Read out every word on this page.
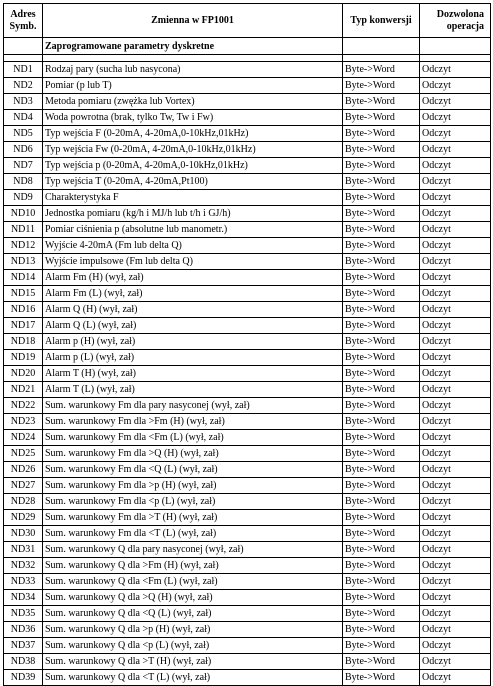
Adres Symb.	Zmienna w FP1001	Typ konwersji	Dozwolona operacja
	Zaprogramowane parametry dyskretne		

ND1	Rodzaj pary (sucha lub nasycona)	Byte->Word	Odczyt
ND2	Pomiar (p lub T)	Byte->Word	Odczyt
ND3	Metoda pomiaru (zwężka lub Vortex)	Byte->Word	Odczyt
ND4	Woda powrotna (brak, tylko Tw, Tw i Fw)	Byte->Word	Odczyt
ND5	Typ wejścia F (0-20mA, 4-20mA,0-10kHz,01kHz)	Byte->Word	Odczyt
ND6	Typ wejścia Fw (0-20mA, 4-20mA,0-10kHz,01kHz)	Byte->Word	Odczyt
ND7	Typ wejścia p (0-20mA, 4-20mA,0-10kHz,01kHz)	Byte->Word	Odczyt
ND8	Typ wejścia T (0-20mA, 4-20mA,Pt100)	Byte->Word	Odczyt
ND9	Charakterystyka F	Byte->Word	Odczyt
ND10	Jednostka pomiaru (kg/h i MJ/h lub t/h i GJ/h)	Byte->Word	Odczyt
ND11	Pomiar ciśnienia p (absolutne lub manometr.)	Byte->Word	Odczyt
ND12	Wyjście 4-20mA (Fm lub delta Q)	Byte->Word	Odczyt
ND13	Wyjście impulsowe (Fm lub delta Q)	Byte->Word	Odczyt
ND14	Alarm Fm (H) (wył, zał)	Byte->Word	Odczyt
ND15	Alarm Fm (L) (wył, zał)	Byte->Word	Odczyt
ND16	Alarm Q (H) (wył, zał)	Byte->Word	Odczyt
ND17	Alarm Q (L) (wył, zał)	Byte->Word	Odczyt
ND18	Alarm p (H) (wył, zał)	Byte->Word	Odczyt
ND19	Alarm p (L) (wył, zał)	Byte->Word	Odczyt
ND20	Alarm T (H) (wył, zał)	Byte->Word	Odczyt
ND21	Alarm T (L) (wył, zał)	Byte->Word	Odczyt
ND22	Sum. warunkowy Fm dla pary nasyconej (wył, zał)	Byte->Word	Odczyt
ND23	Sum. warunkowy Fm dla >Fm (H) (wył, zał)	Byte->Word	Odczyt
ND24	Sum. warunkowy Fm dla <Fm (L) (wył, zał)	Byte->Word	Odczyt
ND25	Sum. warunkowy Fm dla >Q (H) (wył, zał)	Byte->Word	Odczyt
ND26	Sum. warunkowy Fm dla <Q (L) (wył, zał)	Byte->Word	Odczyt
ND27	Sum. warunkowy Fm dla >p (H) (wył, zał)	Byte->Word	Odczyt
ND28	Sum. warunkowy Fm dla <p (L) (wył, zał)	Byte->Word	Odczyt
ND29	Sum. warunkowy Fm dla >T (H) (wył, zał)	Byte->Word	Odczyt
ND30	Sum. warunkowy Fm dla <T (L) (wył, zał)	Byte->Word	Odczyt
ND31	Sum. warunkowy Q dla pary nasyconej (wył, zał)	Byte->Word	Odczyt
ND32	Sum. warunkowy Q dla >Fm (H) (wył, zał)	Byte->Word	Odczyt
ND33	Sum. warunkowy Q dla <Fm (L) (wył, zał)	Byte->Word	Odczyt
ND34	Sum. warunkowy Q dla >Q (H) (wył, zał)	Byte->Word	Odczyt
ND35	Sum. warunkowy Q dla <Q (L) (wył, zał)	Byte->Word	Odczyt
ND36	Sum. warunkowy Q dla >p (H) (wył, zał)	Byte->Word	Odczyt
ND37	Sum. warunkowy Q dla <p (L) (wył, zał)	Byte->Word	Odczyt
ND38	Sum. warunkowy Q dla >T (H) (wył, zał)	Byte->Word	Odczyt
ND39	Sum. warunkowy Q dla <T (L) (wył, zał)	Byte->Word	Odczyt
